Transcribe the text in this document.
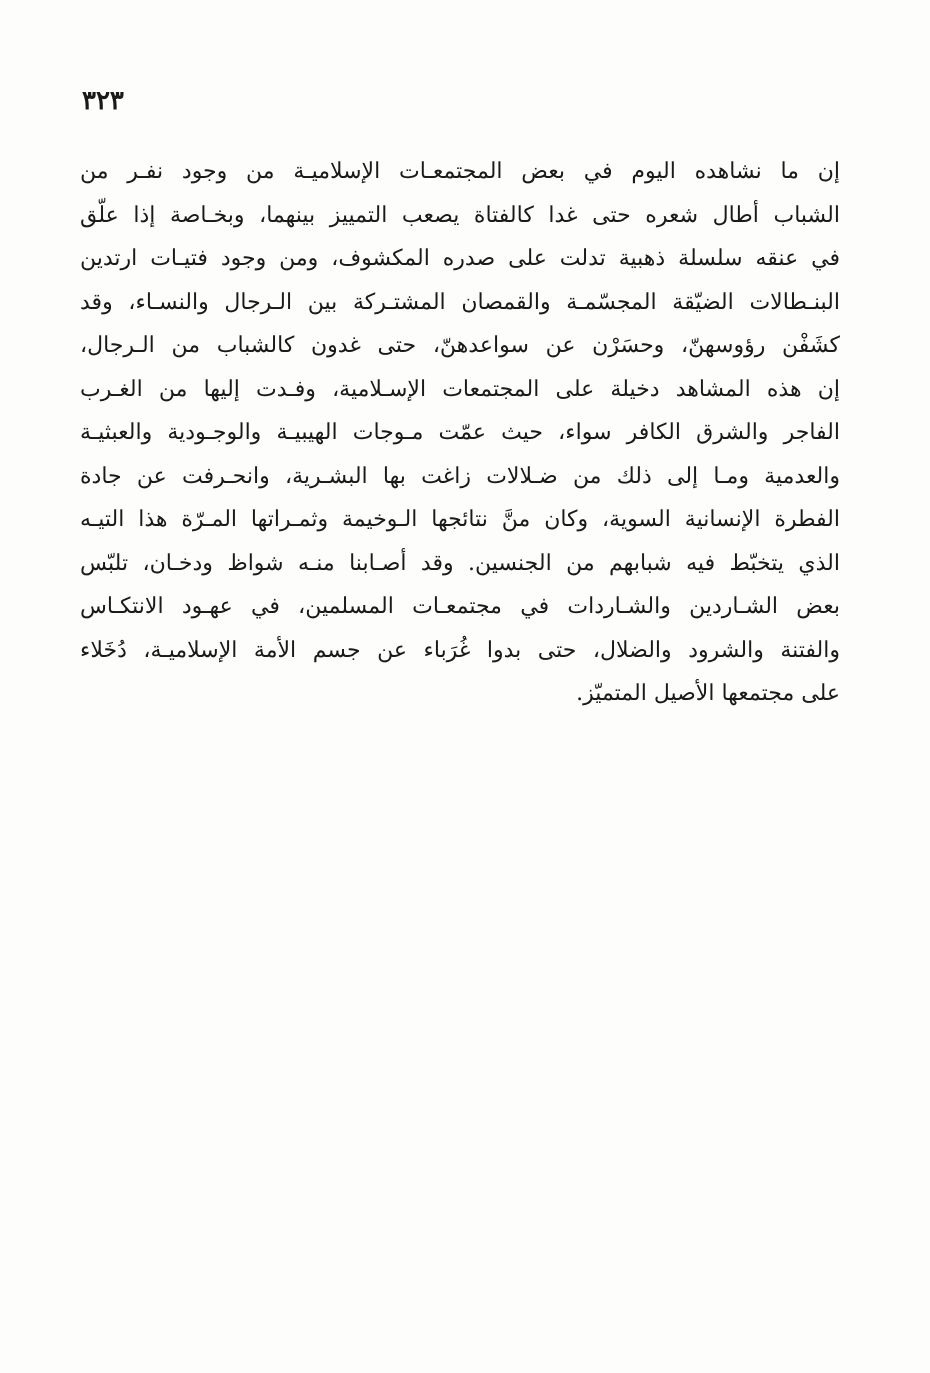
٣٢٣
إن ما نشاهده اليوم في بعض المجتمعـات الإسلاميـة من وجود نفـر من
الشباب أطال شعره حتى غدا كالفتاة يصعب التمييز بينهما، وبخـاصة إذا علّق
في عنقه سلسلة ذهبية تدلت على صدره المكشوف، ومن وجود فتيـات ارتدين
البنـطالات الضيّقة المجسّمـة والقمصان المشتـركة بين الـرجال والنسـاء، وقد
كشَفْن رؤوسهنّ، وحسَرْن عن سواعدهنّ، حتى غدون كالشباب من الـرجال،
إن هذه المشاهد دخيلة على المجتمعات الإسـلامية، وفـدت إليها من الغـرب
الفاجر والشرق الكافر سواء، حيث عمّت مـوجات الهيبيـة والوجـودية والعبثيـة
والعدمية ومـا إلى ذلك من ضـلالات زاغت بها البشـرية، وانحـرفت عن جادة
الفطرة الإنسانية السوية، وكان منَّ نتائجها الـوخيمة وثمـراتها المـرّة هذا التيـه
الذي يتخبّط فيه شبابهم من الجنسين. وقد أصـابنا منـه شواظ ودخـان، تلبّس
بعض الشـاردين والشـاردات في مجتمعـات المسلمين، في عهـود الانتكـاس
والفتنة والشرود والضلال، حتى بدوا غُرَباء عن جسم الأمة الإسلاميـة، دُخَلاء
على مجتمعها الأصيل المتميّز.
